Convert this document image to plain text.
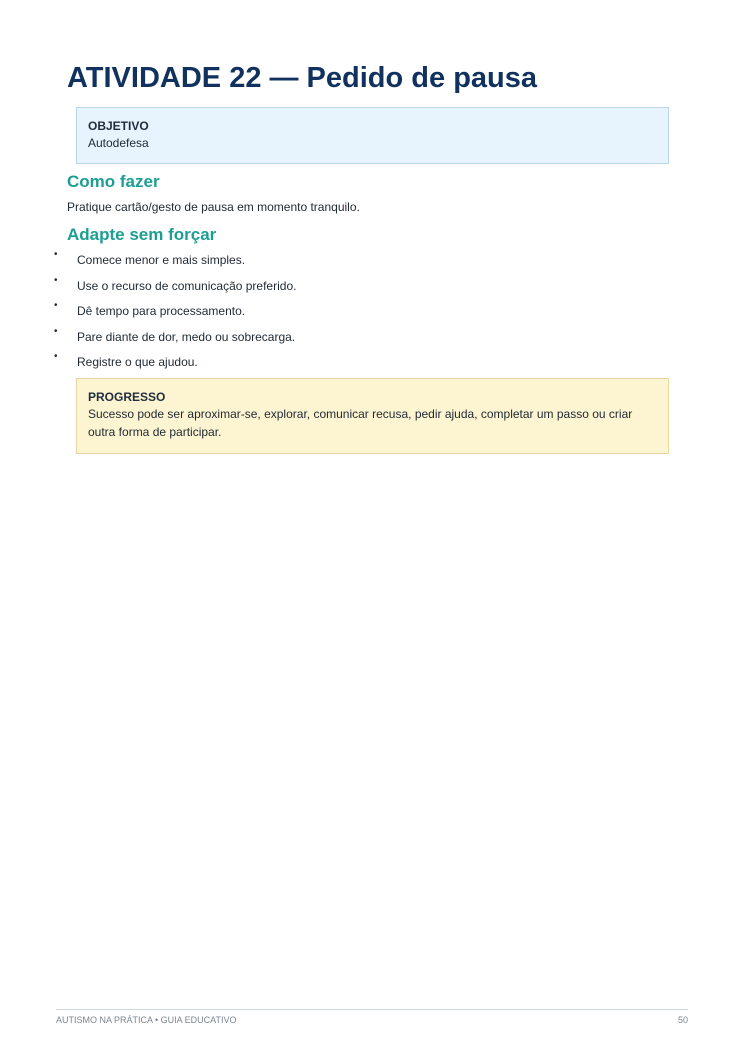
ATIVIDADE 22 — Pedido de pausa
OBJETIVO
Autodefesa
Como fazer

Pratique cartão/gesto de pausa em momento tranquilo.

Adapte sem forçar
• Comece menor e mais simples.
• Use o recurso de comunicação preferido.
• Dê tempo para processamento.
• Pare diante de dor, medo ou sobrecarga.
• Registre o que ajudou.
PROGRESSO
Sucesso pode ser aproximar-se, explorar, comunicar recusa, pedir ajuda, completar um passo ou criar outra forma de participar.
AUTISMO NA PRÁTICA • GUIA EDUCATIVO	50
